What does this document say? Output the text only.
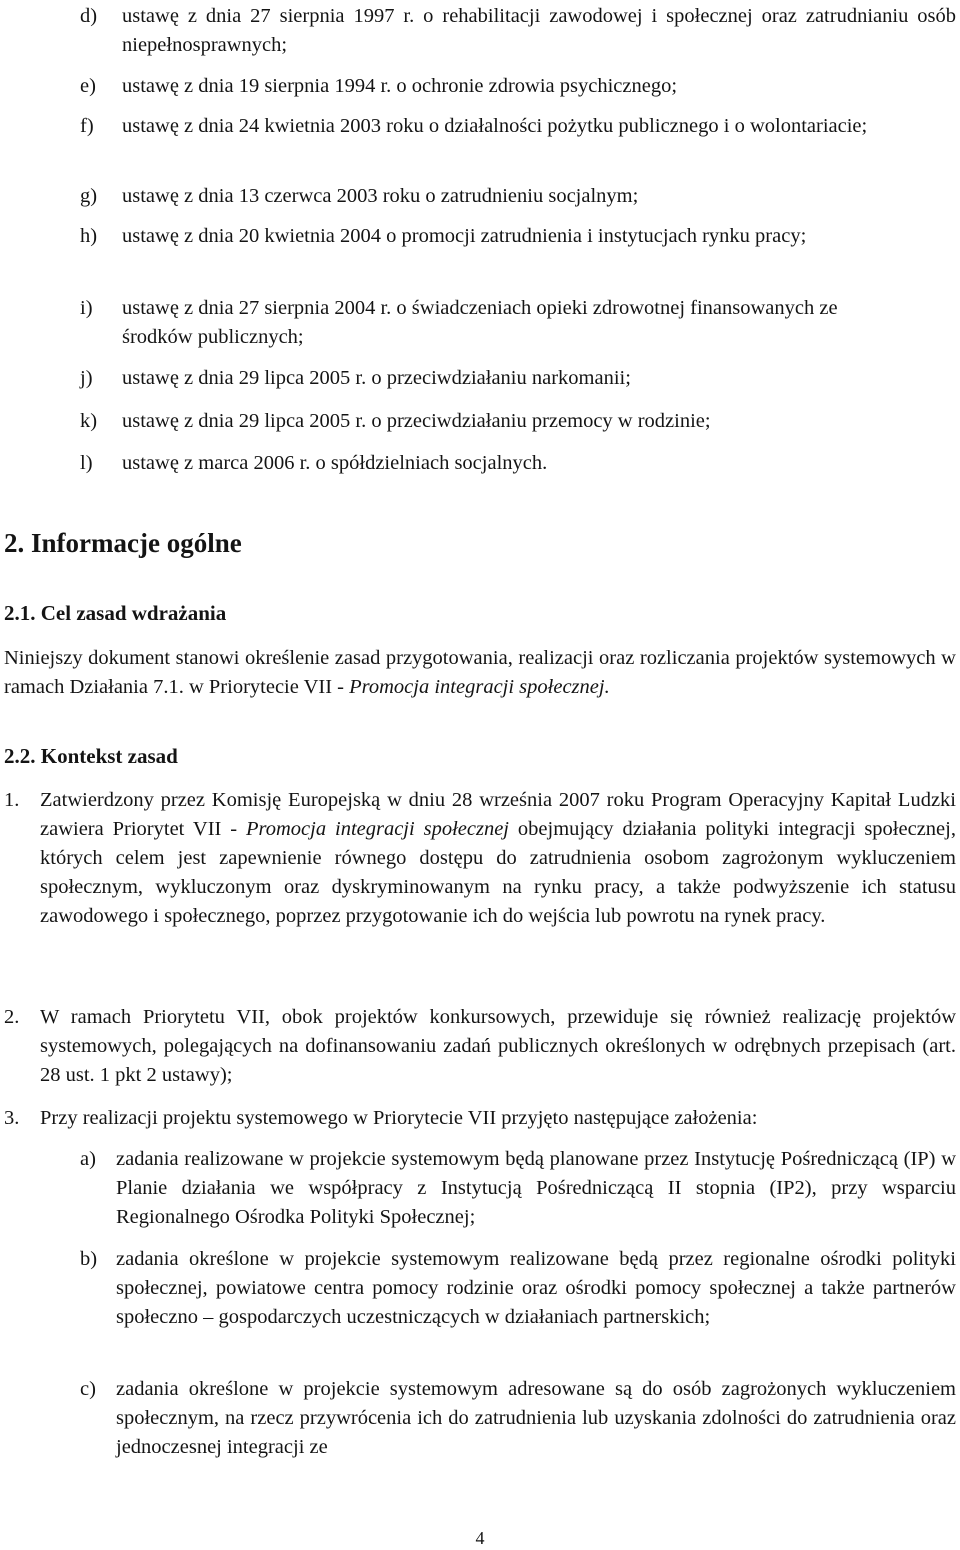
d)	ustawę z dnia 27 sierpnia 1997 r. o rehabilitacji zawodowej i społecznej oraz zatrudnianiu osób niepełnosprawnych;
e)	ustawę z dnia 19 sierpnia 1994 r. o ochronie zdrowia psychicznego;
f)	ustawę z dnia 24 kwietnia 2003 roku o działalności pożytku publicznego i o wolontariacie;
g)	ustawę z dnia 13 czerwca 2003 roku o zatrudnieniu socjalnym;
h)	ustawę z dnia 20 kwietnia 2004 o promocji zatrudnienia i instytucjach rynku pracy;
i)	ustawę z dnia 27 sierpnia 2004 r. o świadczeniach opieki zdrowotnej finansowanych ze środków publicznych;
j)	ustawę z dnia 29 lipca 2005 r. o przeciwdziałaniu narkomanii;
k)	ustawę z dnia 29 lipca 2005 r. o przeciwdziałaniu przemocy w rodzinie;
l)	ustawę z marca 2006 r. o spółdzielniach socjalnych.
2. Informacje ogólne
2.1. Cel zasad wdrażania
Niniejszy dokument stanowi określenie zasad przygotowania, realizacji oraz rozliczania projektów systemowych w ramach Działania 7.1. w Priorytecie VII - Promocja integracji społecznej.
2.2. Kontekst zasad
1.	Zatwierdzony przez Komisję Europejską w dniu 28 września 2007 roku Program Operacyjny Kapitał Ludzki zawiera Priorytet VII - Promocja integracji społecznej obejmujący działania polityki integracji społecznej, których celem jest zapewnienie równego dostępu do zatrudnienia osobom zagrożonym wykluczeniem społecznym, wykluczonym oraz dyskryminowanym na rynku pracy, a także podwyższenie ich statusu zawodowego i społecznego, poprzez przygotowanie ich do wejścia lub powrotu na rynek pracy.
2.	W ramach Priorytetu VII, obok projektów konkursowych, przewiduje się również realizację projektów systemowych, polegających na dofinansowaniu zadań publicznych określonych w odrębnych przepisach (art. 28 ust. 1 pkt 2 ustawy);
3.	Przy realizacji projektu systemowego w Priorytecie VII przyjęto następujące założenia:
a) zadania realizowane w projekcie systemowym będą planowane przez Instytucję Pośredniczącą (IP) w Planie działania we współpracy z Instytucją Pośredniczącą II stopnia (IP2), przy wsparciu Regionalnego Ośrodka Polityki Społecznej;
b) zadania określone w projekcie systemowym realizowane będą przez regionalne ośrodki polityki społecznej, powiatowe centra pomocy rodzinie oraz ośrodki pomocy społecznej a także partnerów społeczno – gospodarczych uczestniczących w działaniach partnerskich;
c) zadania określone w projekcie systemowym adresowane są do osób zagrożonych wykluczeniem społecznym, na rzecz przywrócenia ich do zatrudnienia lub uzyskania zdolności do zatrudnienia oraz jednoczesnej integracji ze
4
